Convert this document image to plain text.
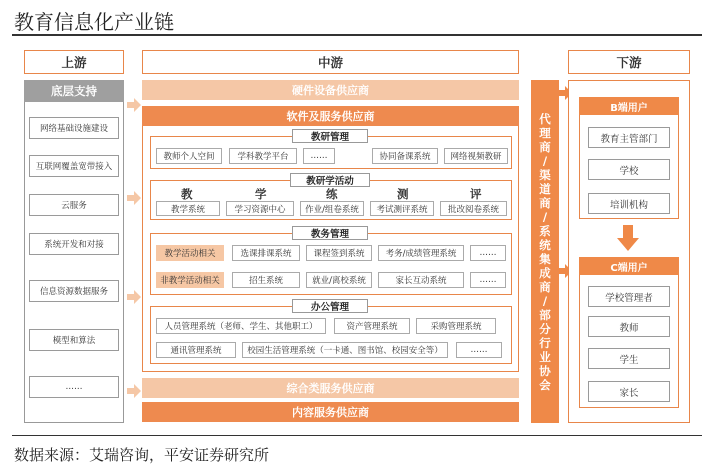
教育信息化产业链
上游	中游	下游
底层支持
网络基础设施建设
互联网覆盖宽带接入
云服务
系统开发和对接
信息资源数据服务
模型和算法
……
硬件设备供应商
软件及服务供应商
教研管理
教师个人空间	学科教学平台	……	协同备课系统	网络视频教研
教研学活动
教	学	练	测	评
教学系统	学习资源中心	作业/组卷系统	考试测评系统	批改阅卷系统
教务管理
教学活动相关	选课排课系统	课程签到系统	考务/成绩管理系统	……
非教学活动相关	招生系统	就业/离校系统	家长互动系统	……
办公管理
人员管理系统（老师、学生、其他职工）	资产管理系统	采购管理系统
通讯管理系统	校园生活管理系统（一卡通、图书馆、校园安全等）	……
综合类服务供应商
内容服务供应商
代
理
商
/
渠
道
商
/
系
统
集
成
商
/
部
分
行
业
协
会
B端用户
教育主管部门
学校
培训机构
C端用户
学校管理者
教师
学生
家长
数据来源：艾瑞咨询，平安证券研究所
